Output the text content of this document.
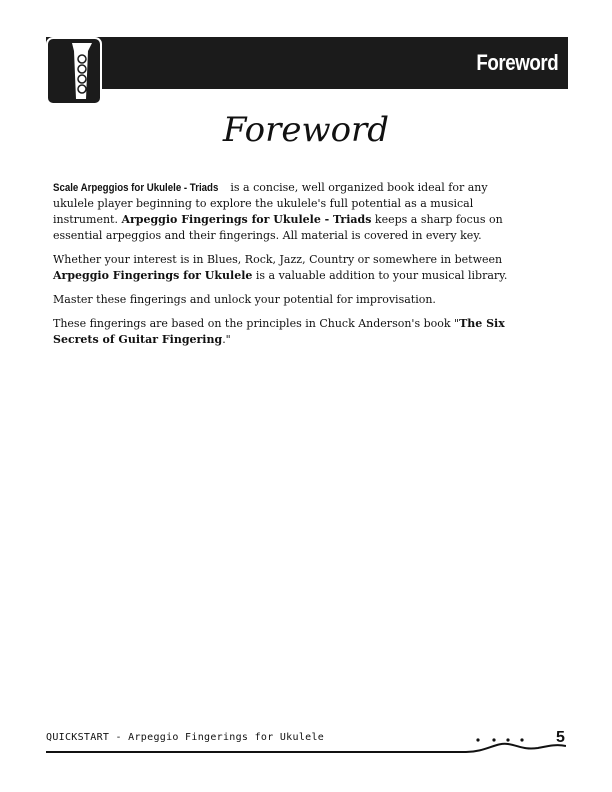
Foreword
Foreword

Scale Arpeggios for Ukulele - Triads is a concise, well organized book ideal for any ukulele player beginning to explore the ukulele's full potential as a musical instrument. Arpeggio Fingerings for Ukulele - Triads keeps a sharp focus on essential arpeggios and their fingerings. All material is covered in every key.

Whether your interest is in Blues, Rock, Jazz, Country or somewhere in between Arpeggio Fingerings for Ukulele is a valuable addition to your musical library.

Master these fingerings and unlock your potential for improvisation.

These fingerings are based on the principles in Chuck Anderson's book "The Six Secrets of Guitar Fingering."

QUICKSTART - Arpeggio Fingerings for Ukulele	5
